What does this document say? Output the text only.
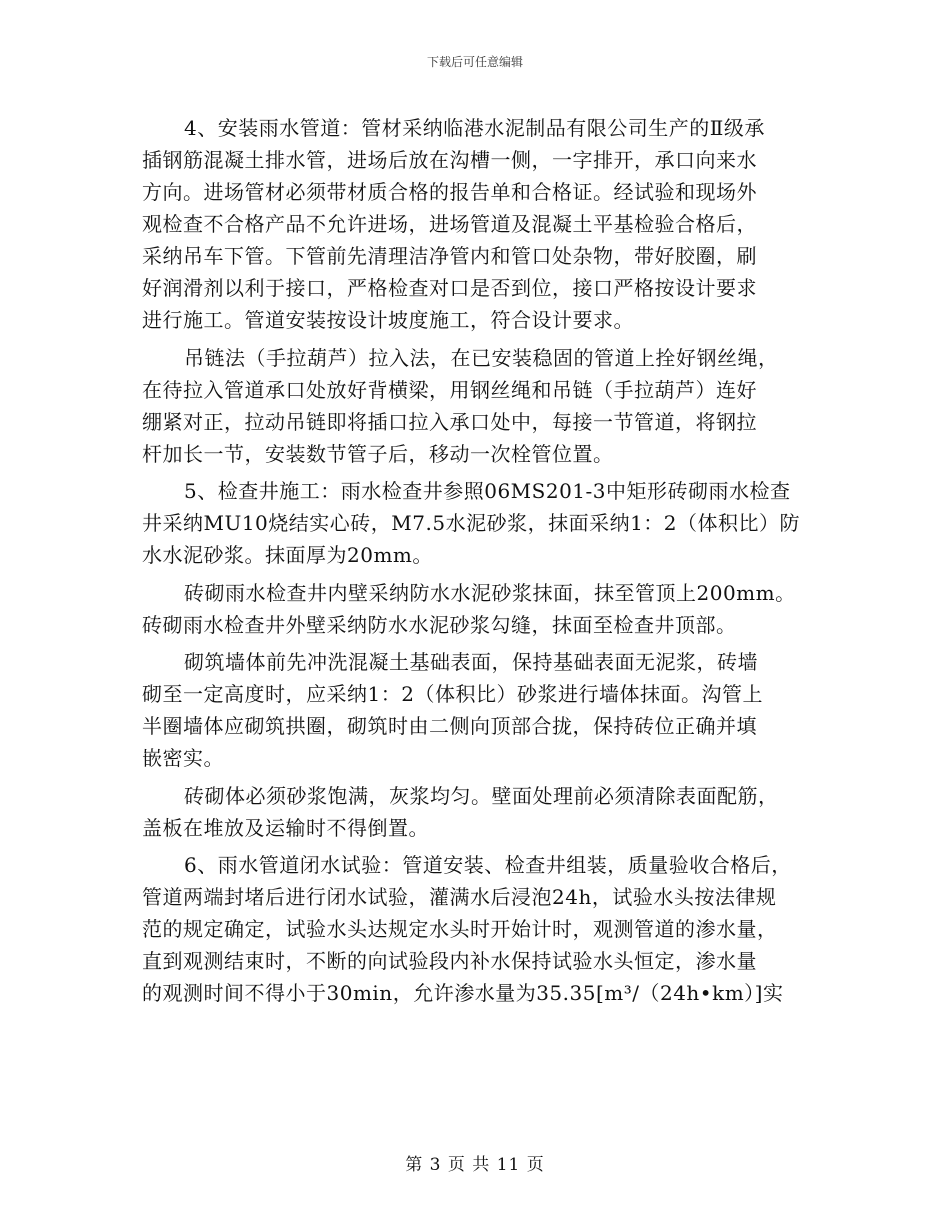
下载后可任意编辑
4、安装雨水管道：管材采纳临港水泥制品有限公司生产的Ⅱ级承
插钢筋混凝土排水管，进场后放在沟槽一侧，一字排开，承口向来水
方向。进场管材必须带材质合格的报告单和合格证。经试验和现场外
观检查不合格产品不允许进场，进场管道及混凝土平基检验合格后，
采纳吊车下管。下管前先清理洁净管内和管口处杂物，带好胶圈，刷
好润滑剂以利于接口，严格检查对口是否到位，接口严格按设计要求
进行施工。管道安装按设计坡度施工，符合设计要求。
吊链法（手拉葫芦）拉入法，在已安装稳固的管道上拴好钢丝绳，
在待拉入管道承口处放好背横梁，用钢丝绳和吊链（手拉葫芦）连好
绷紧对正，拉动吊链即将插口拉入承口处中，每接一节管道，将钢拉
杆加长一节，安装数节管子后，移动一次栓管位置。
5、检查井施工：雨水检查井参照06MS201-3中矩形砖砌雨水检查
井采纳MU10烧结实心砖，M7.5水泥砂浆，抹面采纳1：2（体积比）防
水水泥砂浆。抹面厚为20mm。
砖砌雨水检查井内壁采纳防水水泥砂浆抹面，抹至管顶上200mm。
砖砌雨水检查井外壁采纳防水水泥砂浆勾缝，抹面至检查井顶部。
砌筑墙体前先冲洗混凝土基础表面，保持基础表面无泥浆，砖墙
砌至一定高度时，应采纳1：2（体积比）砂浆进行墙体抹面。沟管上
半圈墙体应砌筑拱圈，砌筑时由二侧向顶部合拢，保持砖位正确并填
嵌密实。
砖砌体必须砂浆饱满，灰浆均匀。壁面处理前必须清除表面配筋，
盖板在堆放及运输时不得倒置。
6、雨水管道闭水试验：管道安装、检查井组装，质量验收合格后，
管道两端封堵后进行闭水试验，灌满水后浸泡24h，试验水头按法律规
范的规定确定，试验水头达规定水头时开始计时，观测管道的渗水量，
直到观测结束时，不断的向试验段内补水保持试验水头恒定，渗水量
的观测时间不得小于30min，允许渗水量为35.35[m³/（24h•km）]实
第 3 页 共 11 页
